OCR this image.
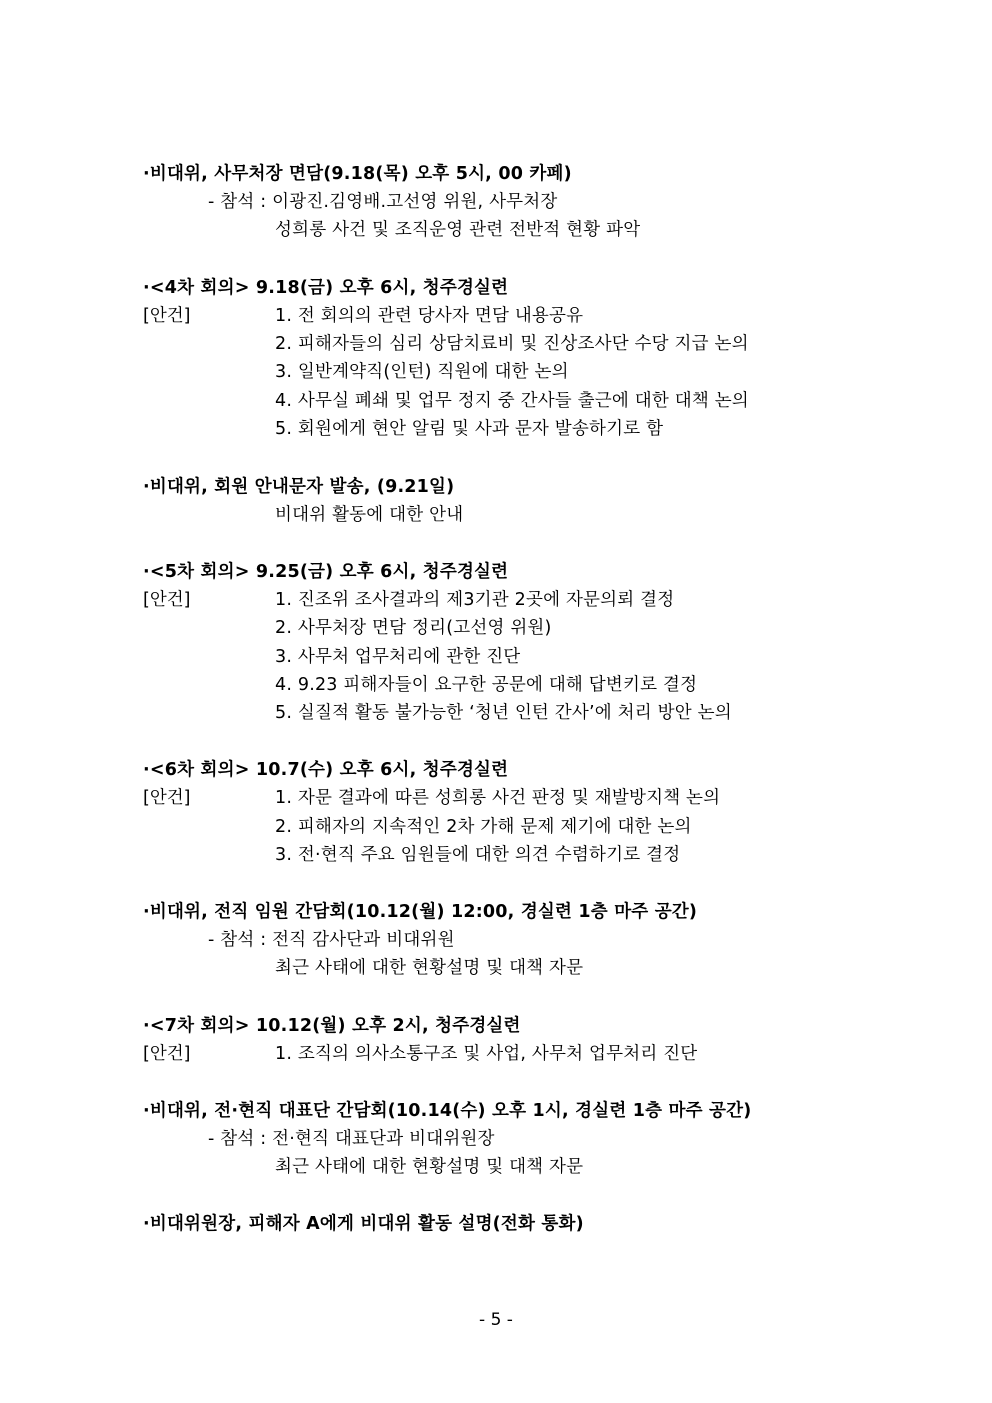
·비대위, 사무처장 면담(9.18(목) 오후 5시, 00 카페)
- 참석 : 이광진.김영배.고선영 위원, 사무처장
성희롱 사건 및 조직운영 관련 전반적 현황 파악
·<4차 회의> 9.18(금) 오후 6시, 청주경실련
[안건]	1. 전 회의의 관련 당사자 면담 내용공유
2. 피해자들의 심리 상담치료비 및 진상조사단 수당 지급 논의
3. 일반계약직(인턴) 직원에 대한 논의
4. 사무실 폐쇄 및 업무 정지 중 간사들 출근에 대한 대책 논의
5. 회원에게 현안 알림 및 사과 문자 발송하기로 함
·비대위, 회원 안내문자 발송, (9.21일)
비대위 활동에 대한 안내
·<5차 회의> 9.25(금) 오후 6시, 청주경실련
[안건]	1. 진조위 조사결과의 제3기관 2곳에 자문의뢰 결정
2. 사무처장 면담 정리(고선영 위원)
3. 사무처 업무처리에 관한 진단
4. 9.23 피해자들이 요구한 공문에 대해 답변키로 결정
5. 실질적 활동 불가능한 ‘청년 인턴 간사’에 처리 방안 논의
·<6차 회의> 10.7(수) 오후 6시, 청주경실련
[안건]	1. 자문 결과에 따른 성희롱 사건 판정 및 재발방지책 논의
2. 피해자의 지속적인 2차 가해 문제 제기에 대한 논의
3. 전·현직 주요 임원들에 대한 의견 수렴하기로 결정
·비대위, 전직 임원 간담회(10.12(월) 12:00, 경실련 1층 마주 공간)
- 참석 : 전직 감사단과 비대위원
최근 사태에 대한 현황설명 및 대책 자문
·<7차 회의> 10.12(월) 오후 2시, 청주경실련
[안건]	1. 조직의 의사소통구조 및 사업, 사무처 업무처리 진단
·비대위, 전·현직 대표단 간담회(10.14(수) 오후 1시, 경실련 1층 마주 공간)
- 참석 : 전·현직 대표단과 비대위원장
최근 사태에 대한 현황설명 및 대책 자문
·비대위원장, 피해자 A에게 비대위 활동 설명(전화 통화)
- 5 -
